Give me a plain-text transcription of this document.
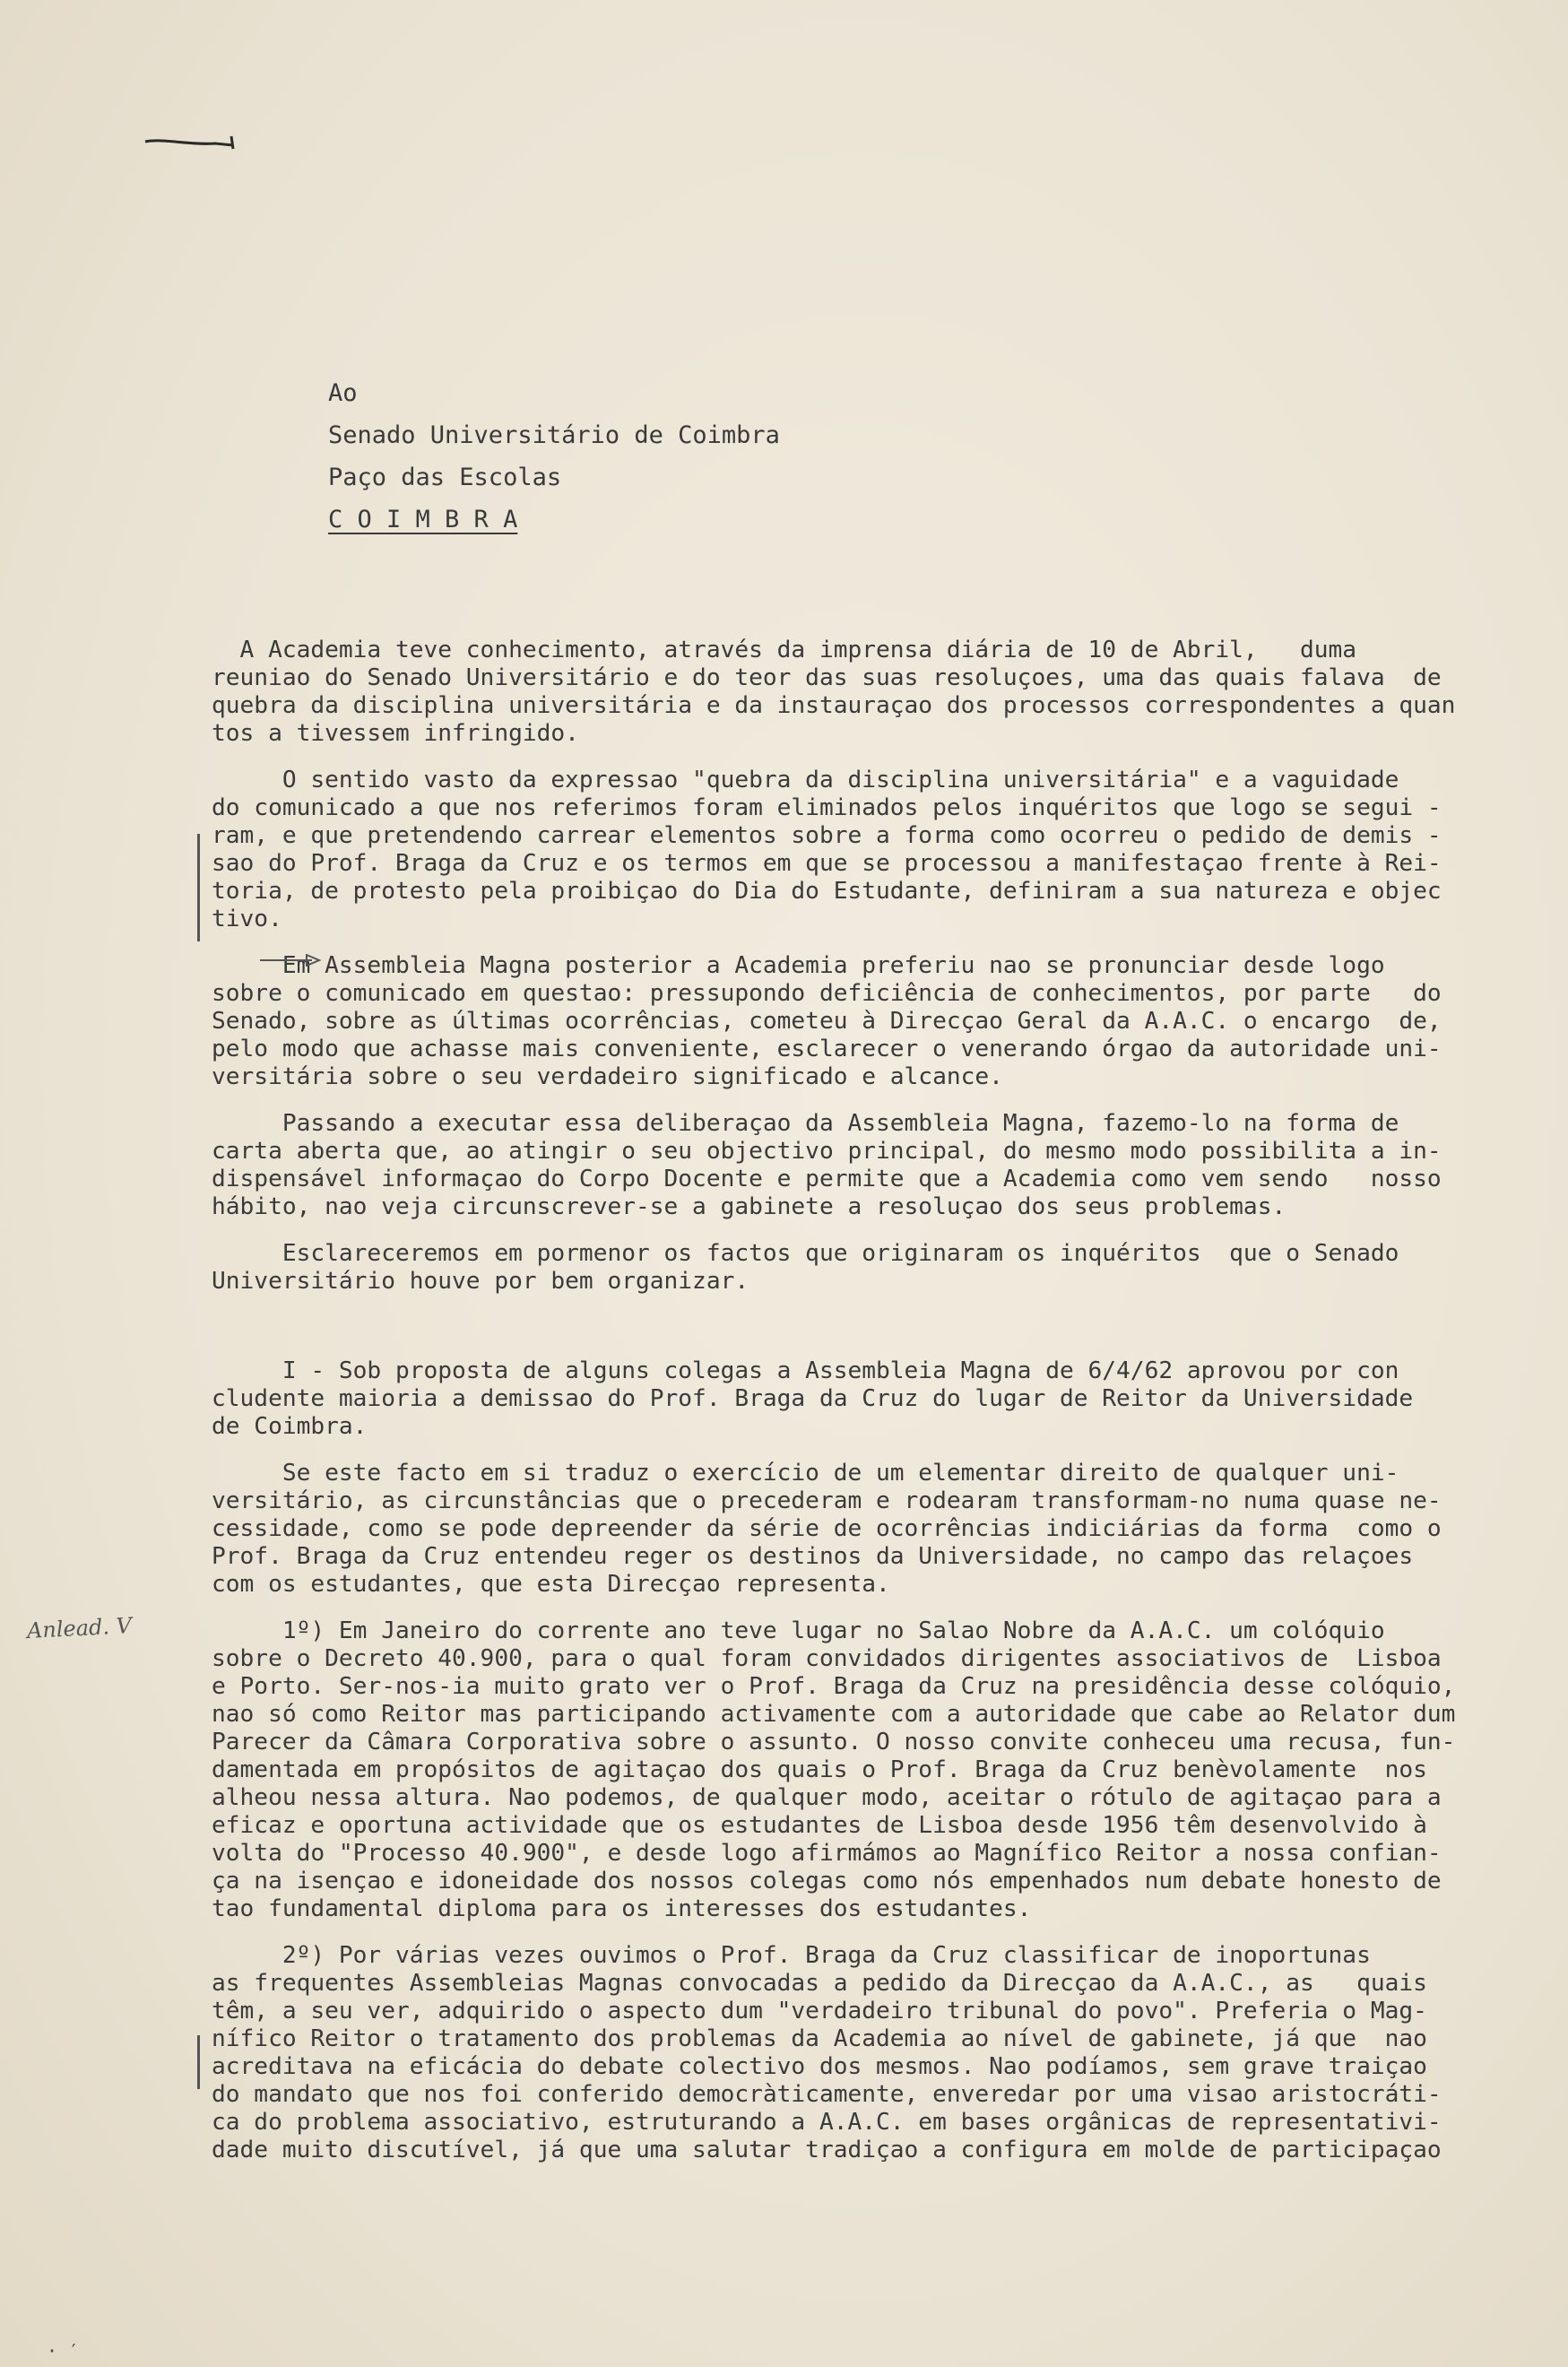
Ao
Senado Universitário de Coimbra
Paço das Escolas
C O I M B R A
A Academia teve conhecimento, através da imprensa diária de 10 de Abril,   duma
reuniao do Senado Universitário e do teor das suas resoluçoes, uma das quais falava  de
quebra da disciplina universitária e da instauraçao dos processos correspondentes a quan
tos a tivessem infringido.
O sentido vasto da expressao "quebra da disciplina universitária" e a vaguidade
do comunicado a que nos referimos foram eliminados pelos inquéritos que logo se segui -
ram, e que pretendendo carrear elementos sobre a forma como ocorreu o pedido de demis -
sao do Prof. Braga da Cruz e os termos em que se processou a manifestaçao frente à Rei-
toria, de protesto pela proibiçao do Dia do Estudante, definiram a sua natureza e objec
tivo.
Em Assembleia Magna posterior a Academia preferiu nao se pronunciar desde logo
sobre o comunicado em questao: pressupondo deficiência de conhecimentos, por parte   do
Senado, sobre as últimas ocorrências, cometeu à Direcçao Geral da A.A.C. o encargo  de,
pelo modo que achasse mais conveniente, esclarecer o venerando órgao da autoridade uni-
versitária sobre o seu verdadeiro significado e alcance.
Passando a executar essa deliberaçao da Assembleia Magna, fazemo-lo na forma de
carta aberta que, ao atingir o seu objectivo principal, do mesmo modo possibilita a in-
dispensável informaçao do Corpo Docente e permite que a Academia como vem sendo   nosso
hábito, nao veja circunscrever-se a gabinete a resoluçao dos seus problemas.
Esclareceremos em pormenor os factos que originaram os inquéritos  que o Senado
Universitário houve por bem organizar.
I - Sob proposta de alguns colegas a Assembleia Magna de 6/4/62 aprovou por con
cludente maioria a demissao do Prof. Braga da Cruz do lugar de Reitor da Universidade
de Coimbra.
Se este facto em si traduz o exercício de um elementar direito de qualquer uni-
versitário, as circunstâncias que o precederam e rodearam transformam-no numa quase ne-
cessidade, como se pode depreender da série de ocorrências indiciárias da forma  como o
Prof. Braga da Cruz entendeu reger os destinos da Universidade, no campo das relaçoes
com os estudantes, que esta Direcçao representa.
1º) Em Janeiro do corrente ano teve lugar no Salao Nobre da A.A.C. um colóquio
sobre o Decreto 40.900, para o qual foram convidados dirigentes associativos de  Lisboa
e Porto. Ser-nos-ia muito grato ver o Prof. Braga da Cruz na presidência desse colóquio,
nao só como Reitor mas participando activamente com a autoridade que cabe ao Relator dum
Parecer da Câmara Corporativa sobre o assunto. O nosso convite conheceu uma recusa, fun-
damentada em propósitos de agitaçao dos quais o Prof. Braga da Cruz benèvolamente  nos
alheou nessa altura. Nao podemos, de qualquer modo, aceitar o rótulo de agitaçao para a
eficaz e oportuna actividade que os estudantes de Lisboa desde 1956 têm desenvolvido à
volta do "Processo 40.900", e desde logo afirmámos ao Magnífico Reitor a nossa confian-
ça na isençao e idoneidade dos nossos colegas como nós empenhados num debate honesto de
tao fundamental diploma para os interesses dos estudantes.
2º) Por várias vezes ouvimos o Prof. Braga da Cruz classificar de inoportunas
as frequentes Assembleias Magnas convocadas a pedido da Direcçao da A.A.C., as   quais
têm, a seu ver, adquirido o aspecto dum "verdadeiro tribunal do povo". Preferia o Mag-
nífico Reitor o tratamento dos problemas da Academia ao nível de gabinete, já que  nao
acreditava na eficácia do debate colectivo dos mesmos. Nao podíamos, sem grave traiçao
do mandato que nos foi conferido democràticamente, enveredar por uma visao aristocráti-
ca do problema associativo, estruturando a A.A.C. em bases orgânicas de representativi-
dade muito discutível, já que uma salutar tradiçao a configura em molde de participaçao
Anlead. V
· ′
